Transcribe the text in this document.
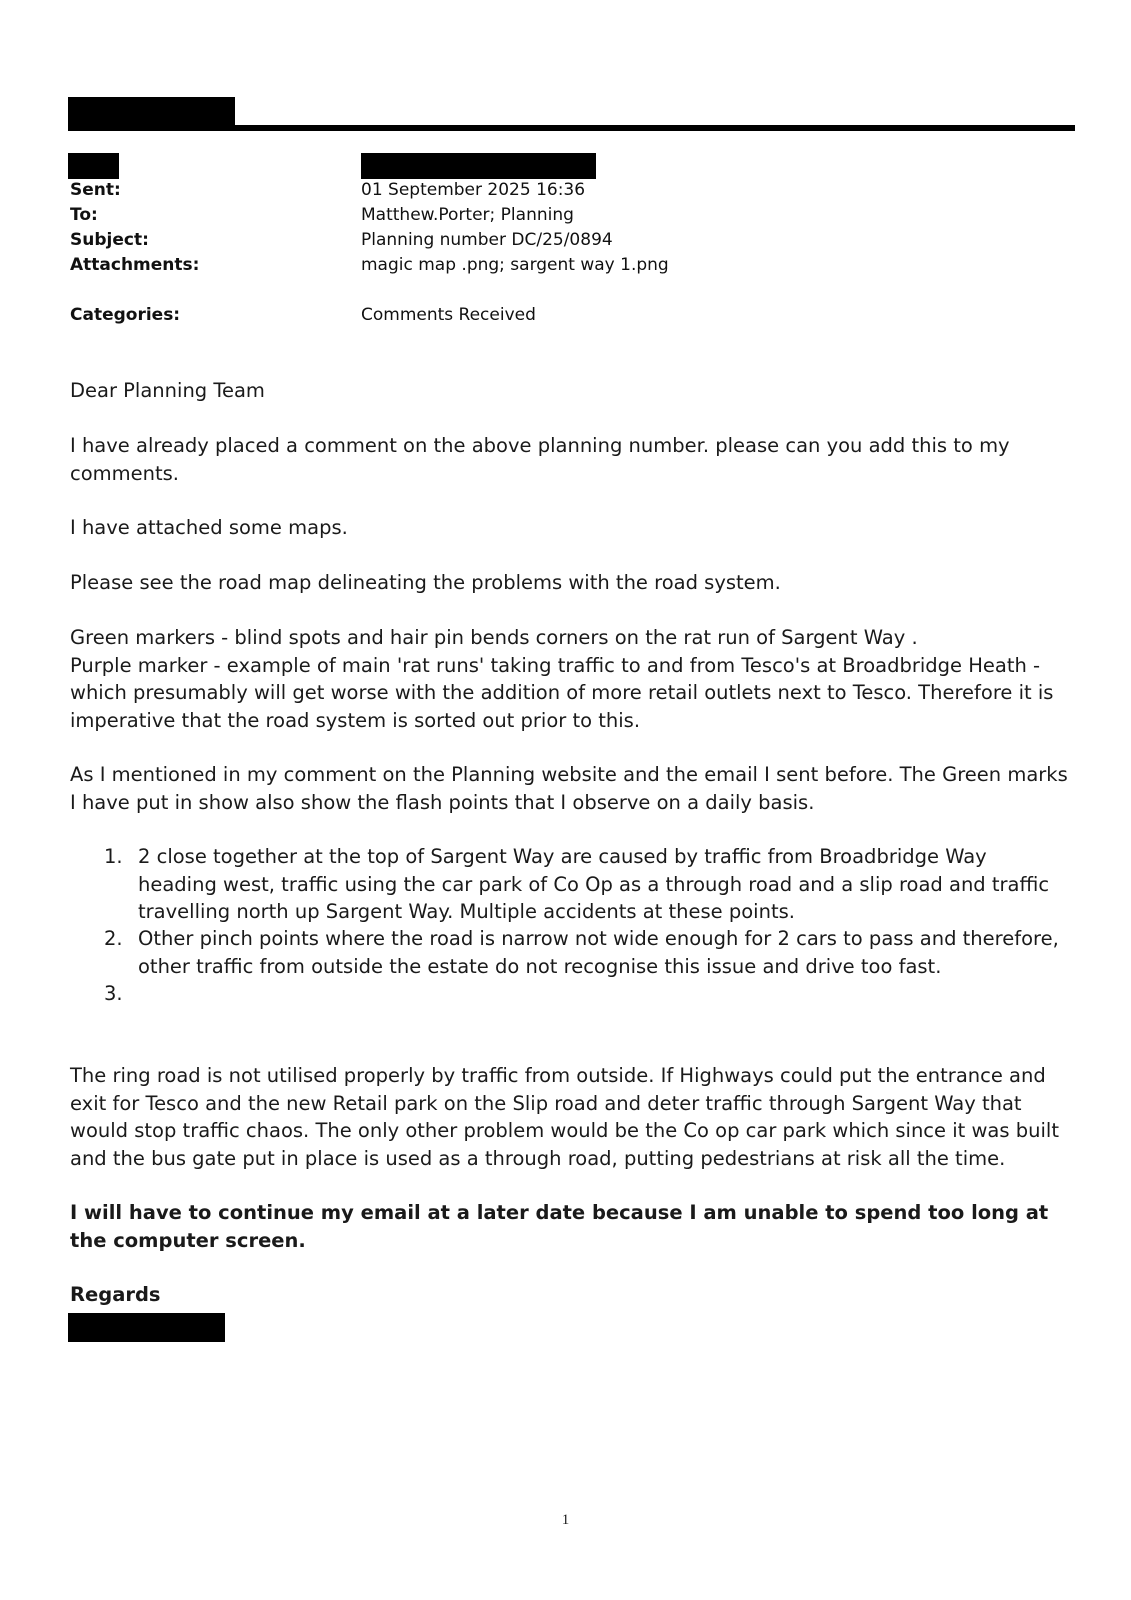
Sent:	01 September 2025 16:36
To:	Matthew.Porter; Planning
Subject:	Planning number DC/25/0894
Attachments:	magic map .png; sargent way 1.png
Categories:	Comments Received
Dear Planning Team
I have already placed a comment on the above planning number. please can you add this to my comments.
I have attached some maps.
Please see the road map delineating the problems with the road system.

Green markers - blind spots and hair pin bends corners on the rat run of Sargent Way .

Purple marker - example of main 'rat runs' taking traffic to and from Tesco's at Broadbridge Heath - which presumably will get worse with the addition of more retail outlets next to Tesco. Therefore it is imperative that the road system is sorted out prior to this.

As I mentioned in my comment on the Planning website and the email I sent before. The Green marks I have put in show also show the flash points that I observe on a daily basis.
1. 2 close together at the top of Sargent Way are caused by traffic from Broadbridge Way heading west, traffic using the car park of Co Op as a through road and a slip road and traffic travelling north up Sargent Way. Multiple accidents at these points.
2. Other pinch points where the road is narrow not wide enough for 2 cars to pass and therefore, other traffic from outside the estate do not recognise this issue and drive too fast.
3.
The ring road is not utilised properly by traffic from outside. If Highways could put the entrance and exit for Tesco and the new Retail park on the Slip road and deter traffic through Sargent Way that would stop traffic chaos. The only other problem would be the Co op car park which since it was built and the bus gate put in place is used as a through road, putting pedestrians at risk all the time.
I will have to continue my email at a later date because I am unable to spend too long at the computer screen.
Regards
1
